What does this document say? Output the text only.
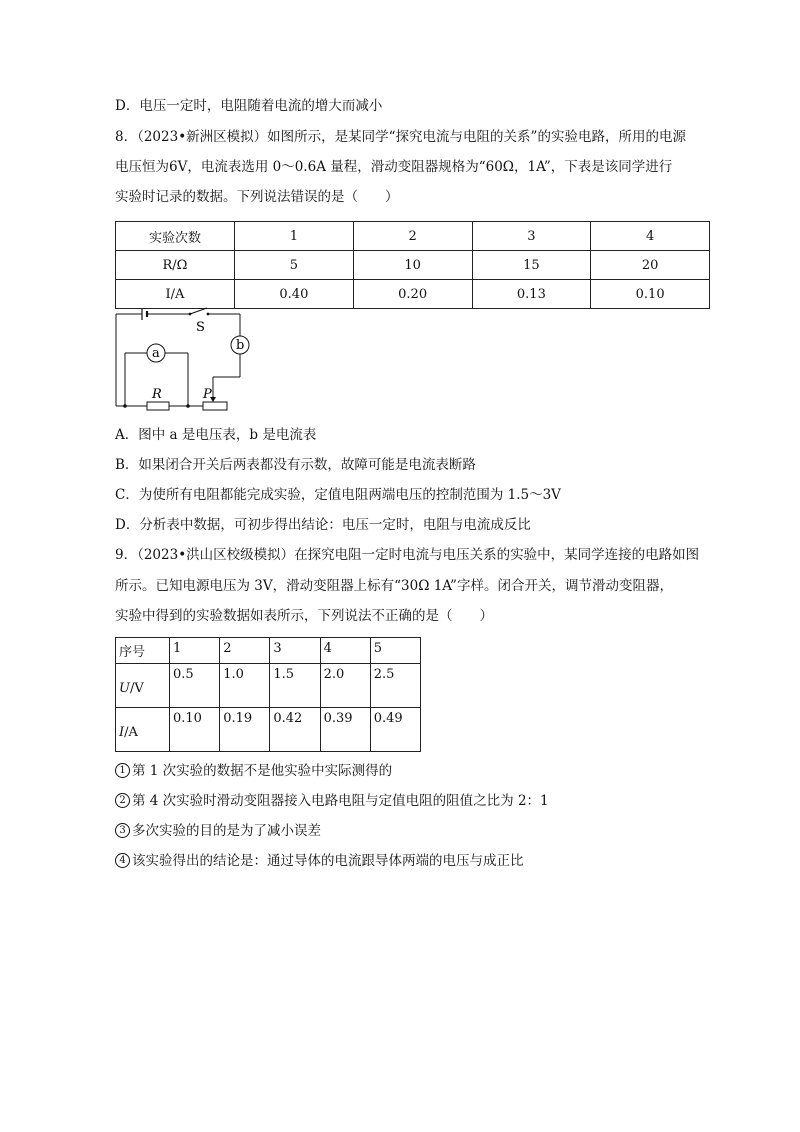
D．电压一定时，电阻随着电流的增大而减小
8．（2023•新洲区模拟）如图所示，是某同学“探究电流与电阻的关系”的实验电路，所用的电源
电压恒为6V，电流表选用 0～0.6A 量程，滑动变阻器规格为“60Ω，1A”，下表是该同学进行
实验时记录的数据。下列说法错误的是（　　）
实验次数	1	2	3	4
R/Ω	5	10	15	20
I/A	0.40	0.20	0.13	0.10
S
b
a
R	P
A．图中 a 是电压表，b 是电流表
B．如果闭合开关后两表都没有示数，故障可能是电流表断路
C．为使所有电阻都能完成实验，定值电阻两端电压的控制范围为 1.5～3V
D．分析表中数据，可初步得出结论：电压一定时，电阻与电流成反比
9．（2023•洪山区校级模拟）在探究电阻一定时电流与电压关系的实验中，某同学连接的电路如图
所示。已知电源电压为 3V，滑动变阻器上标有“30Ω 1A”字样。闭合开关，调节滑动变阻器，
实验中得到的实验数据如表所示，下列说法不正确的是（　　）
序号	1	2	3	4	5

U/V	0.5	1.0	1.5	2.0	2.5

I/A	0.10	0.19	0.42	0.39	0.49
1 第 1 次实验的数据不是他实验中实际测得的
2 第 4 次实验时滑动变阻器接入电路电阻与定值电阻的阻值之比为 2：1
3 多次实验的目的是为了减小误差
4 该实验得出的结论是：通过导体的电流跟导体两端的电压与成正比
